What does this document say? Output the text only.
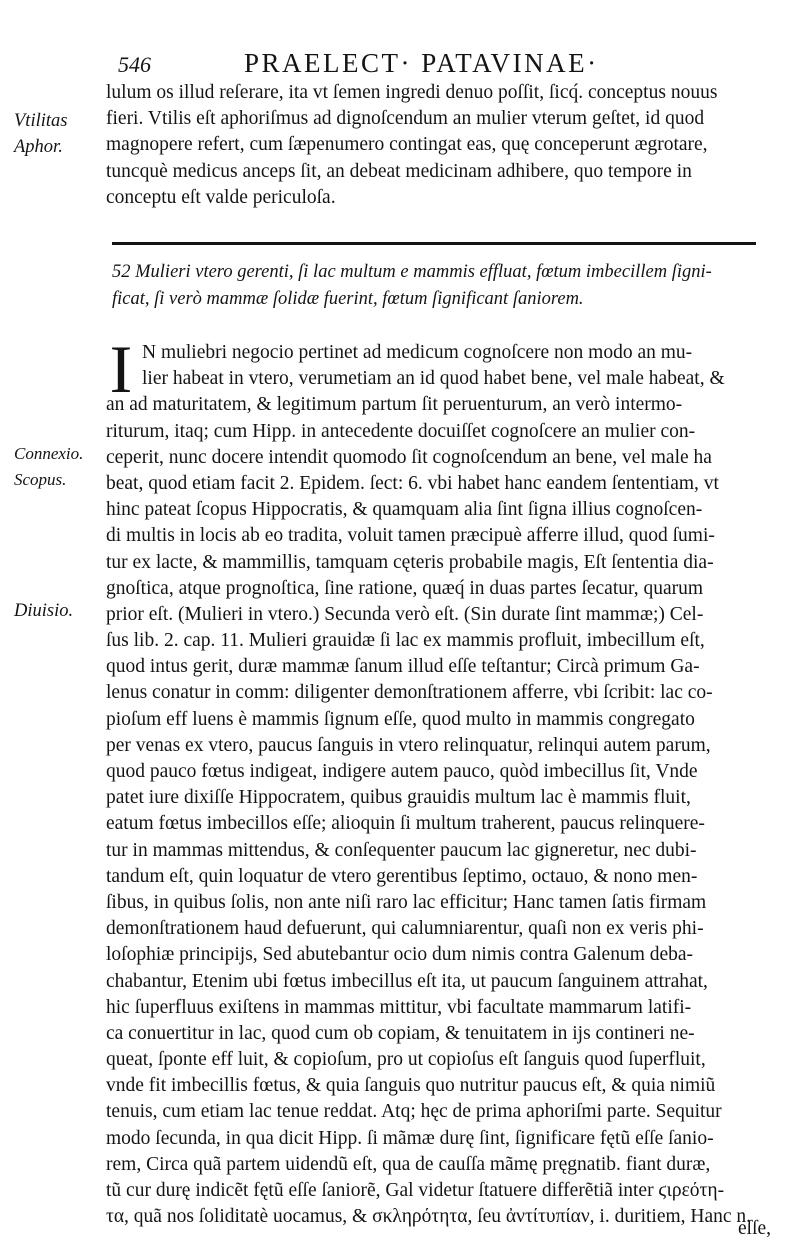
546	PRAELECT· PATAVINAE·
Vtilitas
Aphor.
Connexio.
Scopus.
Diuisio.
lulum os illud reſerare, ita vt ſemen ingredi denuo poſſit, ſicq́. conceptus nouus
fieri. Vtilis eſt aphoriſmus ad dignoſcendum an mulier vterum geſtet, id quod
magnopere refert, cum ſæpenumero contingat eas, quę conceperunt ægrotare,
tuncquè medicus anceps ſit, an debeat medicinam adhibere, quo tempore in
conceptu eſt valde periculoſa.
52 Mulieri vtero gerenti, ſi lac multum e mammis effluat, fœtum imbecillem ſigni-
ficat, ſi verò mammæ ſolidæ fuerint, fœtum ſignificant ſaniorem.
I N muliebri negocio pertinet ad medicum cognoſcere non modo an mu-
lier habeat in vtero, verumetiam an id quod habet bene, vel male habeat, &
an ad maturitatem, & legitimum partum ſit peruenturum, an verò intermo-
riturum, itaq; cum Hipp. in antecedente docuiſſet cognoſcere an mulier con-
ceperit, nunc docere intendit quomodo ſit cognoſcendum an bene, vel male ha
beat, quod etiam facit 2. Epidem. ſect: 6. vbi habet hanc eandem ſententiam, vt
hinc pateat ſcopus Hippocratis, & quamquam alia ſint ſigna illius cognoſcen-
di multis in locis ab eo tradita, voluit tamen præcipuè afferre illud, quod ſumi-
tur ex lacte, & mammillis, tamquam cęteris probabile magis, Eſt ſententia dia-
gnoſtica, atque prognoſtica, ſine ratione, quæq́ in duas partes ſecatur, quarum
prior eſt. (Mulieri in vtero.) Secunda verò eſt. (Sin durate ſint mammæ;) Cel-
ſus lib. 2. cap. 11. Mulieri grauidæ ſi lac ex mammis profluit, imbecillum eſt,
quod intus gerit, duræ mammæ ſanum illud eſſe teſtantur; Circà primum Ga-
lenus conatur in comm: diligenter demonſtrationem afferre, vbi ſcribit: lac co-
pioſum eff luens è mammis ſignum eſſe, quod multo in mammis congregato
per venas ex vtero, paucus ſanguis in vtero relinquatur, relinqui autem parum,
quod pauco fœtus indigeat, indigere autem pauco, quòd imbecillus ſit, Vnde
patet iure dixiſſe Hippocratem, quibus grauidis multum lac è mammis fluit,
eatum fœtus imbecillos eſſe; alioquin ſi multum traherent, paucus relinquere-
tur in mammas mittendus, & conſequenter paucum lac gigneretur, nec dubi-
tandum eſt, quin loquatur de vtero gerentibus ſeptimo, octauo, & nono men-
ſibus, in quibus ſolis, non ante niſi raro lac efficitur; Hanc tamen ſatis firmam
demonſtrationem haud defuerunt, qui calumniarentur, quaſi non ex veris phi-
loſophiæ principijs, Sed abutebantur ocio dum nimis contra Galenum deba-
chabantur, Etenim ubi fœtus imbecillus eſt ita, ut paucum ſanguinem attrahat,
hic ſuperfluus exiſtens in mammas mittitur, vbi facultate mammarum latifi-
ca conuertitur in lac, quod cum ob copiam, & tenuitatem in ijs contineri ne-
queat, ſponte eff luit, & copioſum, pro ut copioſus eſt ſanguis quod ſuperfluit,
vnde fit imbecillis fœtus, & quia ſanguis quo nutritur paucus eſt, & quia nimiũ
tenuis, cum etiam lac tenue reddat. Atq; hęc de prima aphoriſmi parte. Sequitur
modo ſecunda, in qua dicit Hipp. ſi mãmæ durę ſint, ſignificare fętũ eſſe ſanio-
rem, Circa quã partem uidendũ eſt, qua de cauſſa mãmę pręgnatib. fiant duræ,
tũ cur durę indicẽt fętũ eſſe ſaniorẽ, Gal videtur ſtatuere differẽtiã inter ϛιρεότη-
τα, quã nos ſoliditatè uocamus, & σκληρότητα, ſeu ἀντίτυπίαν, i. duritiem, Hanc n.
eſſe,
